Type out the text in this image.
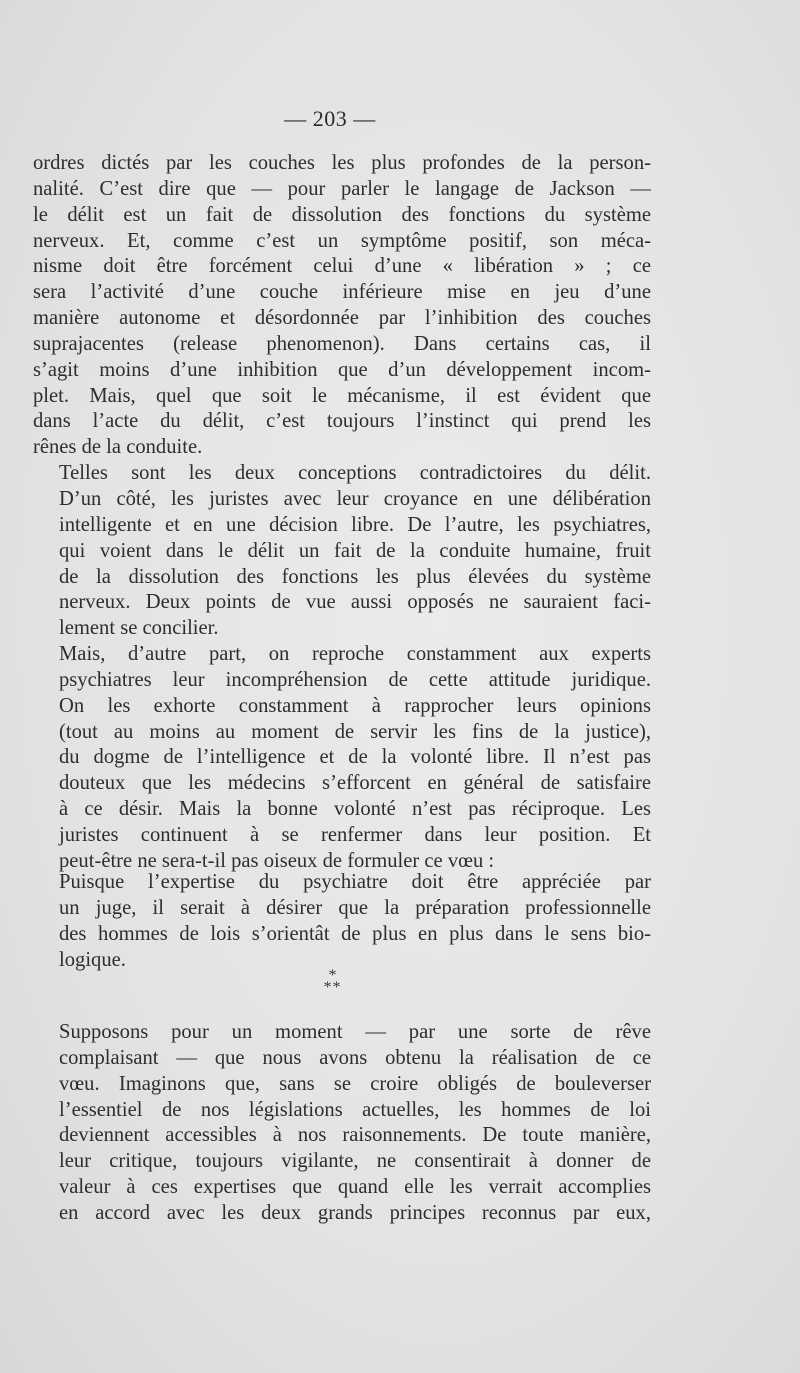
— 203 —

ordres dictés par les couches les plus profondes de la person-
nalité. C’est dire que — pour parler le langage de Jackson —
le délit est un fait de dissolution des fonctions du système
nerveux. Et, comme c’est un symptôme positif, son méca-
nisme doit être forcément celui d’une « libération » ; ce
sera l’activité d’une couche inférieure mise en jeu d’une
manière autonome et désordonnée par l’inhibition des couches
suprajacentes (release phenomenon). Dans certains cas, il
s’agit moins d’une inhibition que d’un développement incom-
plet. Mais, quel que soit le mécanisme, il est évident que
dans l’acte du délit, c’est toujours l’instinct qui prend les
rênes de la conduite.

Telles sont les deux conceptions contradictoires du délit.
D’un côté, les juristes avec leur croyance en une délibération
intelligente et en une décision libre. De l’autre, les psychiatres,
qui voient dans le délit un fait de la conduite humaine, fruit
de la dissolution des fonctions les plus élevées du système
nerveux. Deux points de vue aussi opposés ne sauraient faci-
lement se concilier.

Mais, d’autre part, on reproche constamment aux experts
psychiatres leur incompréhension de cette attitude juridique.
On les exhorte constamment à rapprocher leurs opinions
(tout au moins au moment de servir les fins de la justice),
du dogme de l’intelligence et de la volonté libre. Il n’est pas
douteux que les médecins s’efforcent en général de satisfaire
à ce désir. Mais la bonne volonté n’est pas réciproque. Les
juristes continuent à se renfermer dans leur position. Et
peut-être ne sera-t-il pas oiseux de formuler ce vœu :

Puisque l’expertise du psychiatre doit être appréciée par
un juge, il serait à désirer que la préparation professionnelle
des hommes de lois s’orientât de plus en plus dans le sens bio-
logique.

*
**

Supposons pour un moment — par une sorte de rêve
complaisant — que nous avons obtenu la réalisation de ce
vœu. Imaginons que, sans se croire obligés de bouleverser
l’essentiel de nos législations actuelles, les hommes de loi
deviennent accessibles à nos raisonnements. De toute manière,
leur critique, toujours vigilante, ne consentirait à donner de
valeur à ces expertises que quand elle les verrait accomplies
en accord avec les deux grands principes reconnus par eux,
